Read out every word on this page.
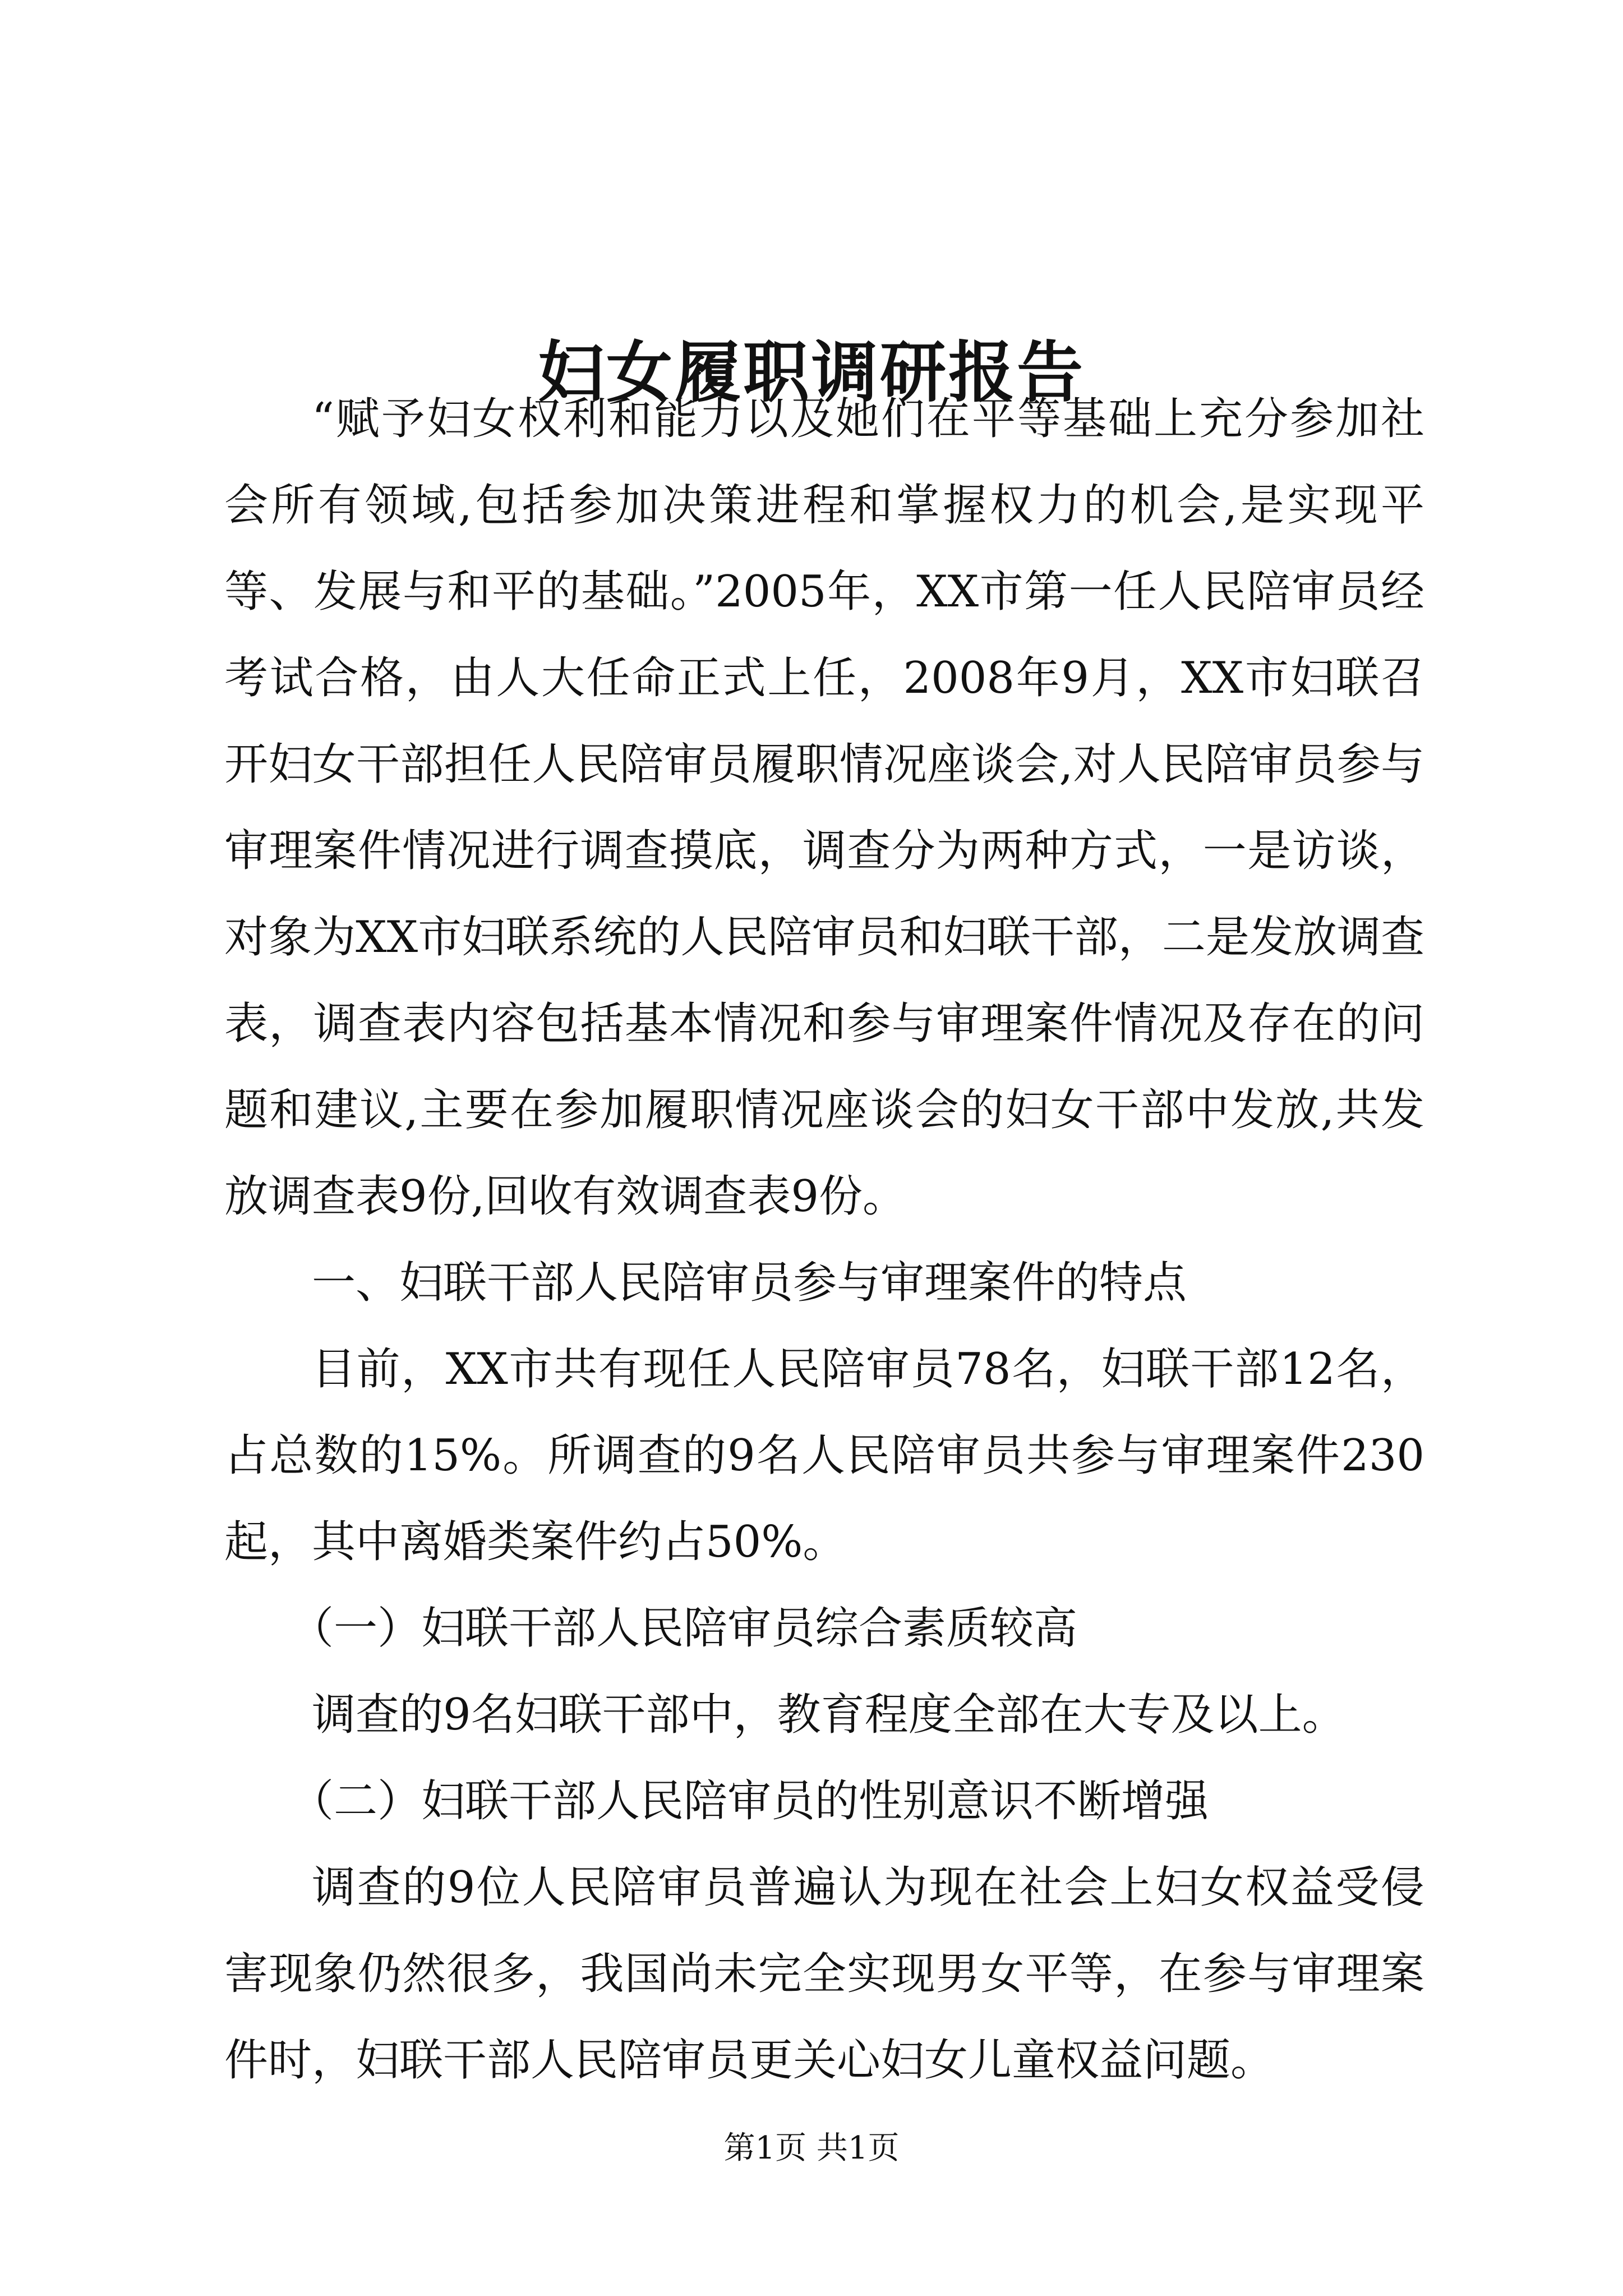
妇女履职调研报告

“赋予妇女权利和能力以及她们在平等基础上充分参加社会所有领域,包括参加决策进程和掌握权力的机会,是实现平等、发展与和平的基础。”2005年，XX市第一任人民陪审员经考试合格，由人大任命正式上任，2008年9月，XX市妇联召开妇女干部担任人民陪审员履职情况座谈会,对人民陪审员参与审理案件情况进行调查摸底，调查分为两种方式，一是访谈，对象为XX市妇联系统的人民陪审员和妇联干部，二是发放调查表，调查表内容包括基本情况和参与审理案件情况及存在的问题和建议,主要在参加履职情况座谈会的妇女干部中发放,共发放调查表9份,回收有效调查表9份。

一、妇联干部人民陪审员参与审理案件的特点

目前，XX市共有现任人民陪审员78名，妇联干部12名，占总数的15%。所调查的9名人民陪审员共参与审理案件230起，其中离婚类案件约占50%。

（一）妇联干部人民陪审员综合素质较高

调查的9名妇联干部中，教育程度全部在大专及以上。

（二）妇联干部人民陪审员的性别意识不断增强

调查的9位人民陪审员普遍认为现在社会上妇女权益受侵害现象仍然很多，我国尚未完全实现男女平等，在参与审理案件时，妇联干部人民陪审员更关心妇女儿童权益问题。

第1页 共1页
